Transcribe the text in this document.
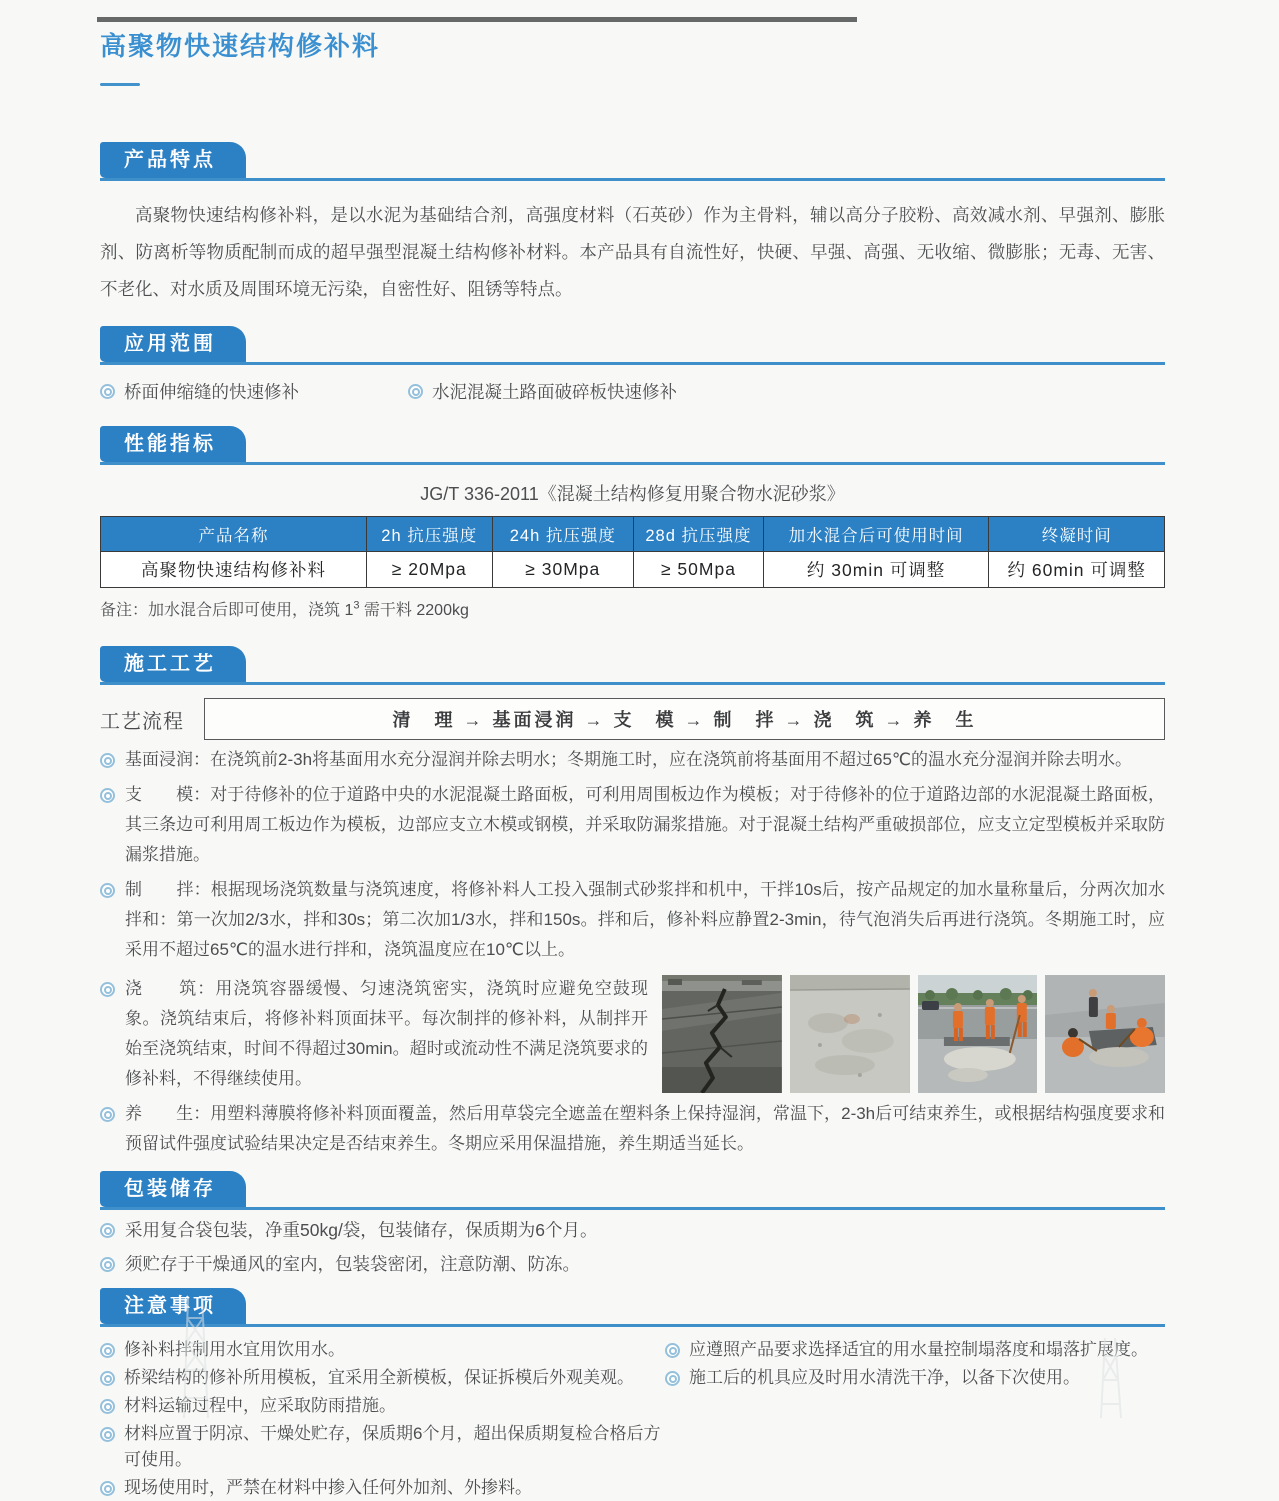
高聚物快速结构修补料
产品特点

高聚物快速结构修补料，是以水泥为基础结合剂，高强度材料（石英砂）作为主骨料，辅以高分子胶粉、高效减水剂、早强剂、膨胀剂、防离析等物质配制而成的超早强型混凝土结构修补材料。本产品具有自流性好，快硬、早强、高强、无收缩、微膨胀；无毒、无害、不老化、对水质及周围环境无污染，自密性好、阻锈等特点。

应用范围
桥面伸缩缝的快速修补	水泥混凝土路面破碎板快速修补
性能指标
JG/T 336-2011《混凝土结构修复用聚合物水泥砂浆》
产品名称	2h 抗压强度	24h 抗压强度	28d 抗压强度	加水混合后可使用时间	终凝时间
高聚物快速结构修补料	≥ 20Mpa	≥ 30Mpa	≥ 50Mpa	约 30min 可调整	约 60min 可调整
备注：加水混合后即可使用，浇筑 $1^3$ 需干料 2200kg
施工工艺
工艺流程	清　理 → 基面浸润 → 支　模 → 制　拌 → 浇　筑 → 养　生
基面浸润：在浇筑前2-3h将基面用水充分湿润并除去明水；冬期施工时，应在浇筑前将基面用不超过65℃的温水充分湿润并除去明水。
支　　模：对于待修补的位于道路中央的水泥混凝土路面板，可利用周围板边作为模板；对于待修补的位于道路边部的水泥混凝土路面板，其三条边可利用周工板边作为模板，边部应支立木模或钢模，并采取防漏浆措施。对于混凝土结构严重破损部位，应支立定型模板并采取防漏浆措施。
制　　拌：根据现场浇筑数量与浇筑速度，将修补料人工投入强制式砂浆拌和机中，干拌10s后，按产品规定的加水量称量后，分两次加水拌和：第一次加2/3水，拌和30s；第二次加1/3水，拌和150s。拌和后，修补料应静置2-3min，待气泡消失后再进行浇筑。冬期施工时，应采用不超过65℃的温水进行拌和，浇筑温度应在10℃以上。
浇　　筑：用浇筑容器缓慢、匀速浇筑密实，浇筑时应避免空鼓现象。浇筑结束后，将修补料顶面抹平。每次制拌的修补料，从制拌开始至浇筑结束，时间不得超过30min。超时或流动性不满足浇筑要求的修补料，不得继续使用。
养　　生：用塑料薄膜将修补料顶面覆盖，然后用草袋完全遮盖在塑料条上保持湿润，常温下，2-3h后可结束养生，或根据结构强度要求和预留试件强度试验结果决定是否结束养生。冬期应采用保温措施，养生期适当延长。
包装储存
采用复合袋包装，净重50kg/袋，包装储存，保质期为6个月。
须贮存于干燥通风的室内，包装袋密闭，注意防潮、防冻。
注意事项
修补料拌制用水宜用饮用水。
桥梁结构的修补所用模板，宜采用全新模板，保证拆模后外观美观。
材料运输过程中，应采取防雨措施。
材料应置于阴凉、干燥处贮存，保质期6个月，超出保质期复检合格后方可使用。
现场使用时，严禁在材料中掺入任何外加剂、外掺料。
应遵照产品要求选择适宜的用水量控制塌落度和塌落扩展度。
施工后的机具应及时用水清洗干净，以备下次使用。
